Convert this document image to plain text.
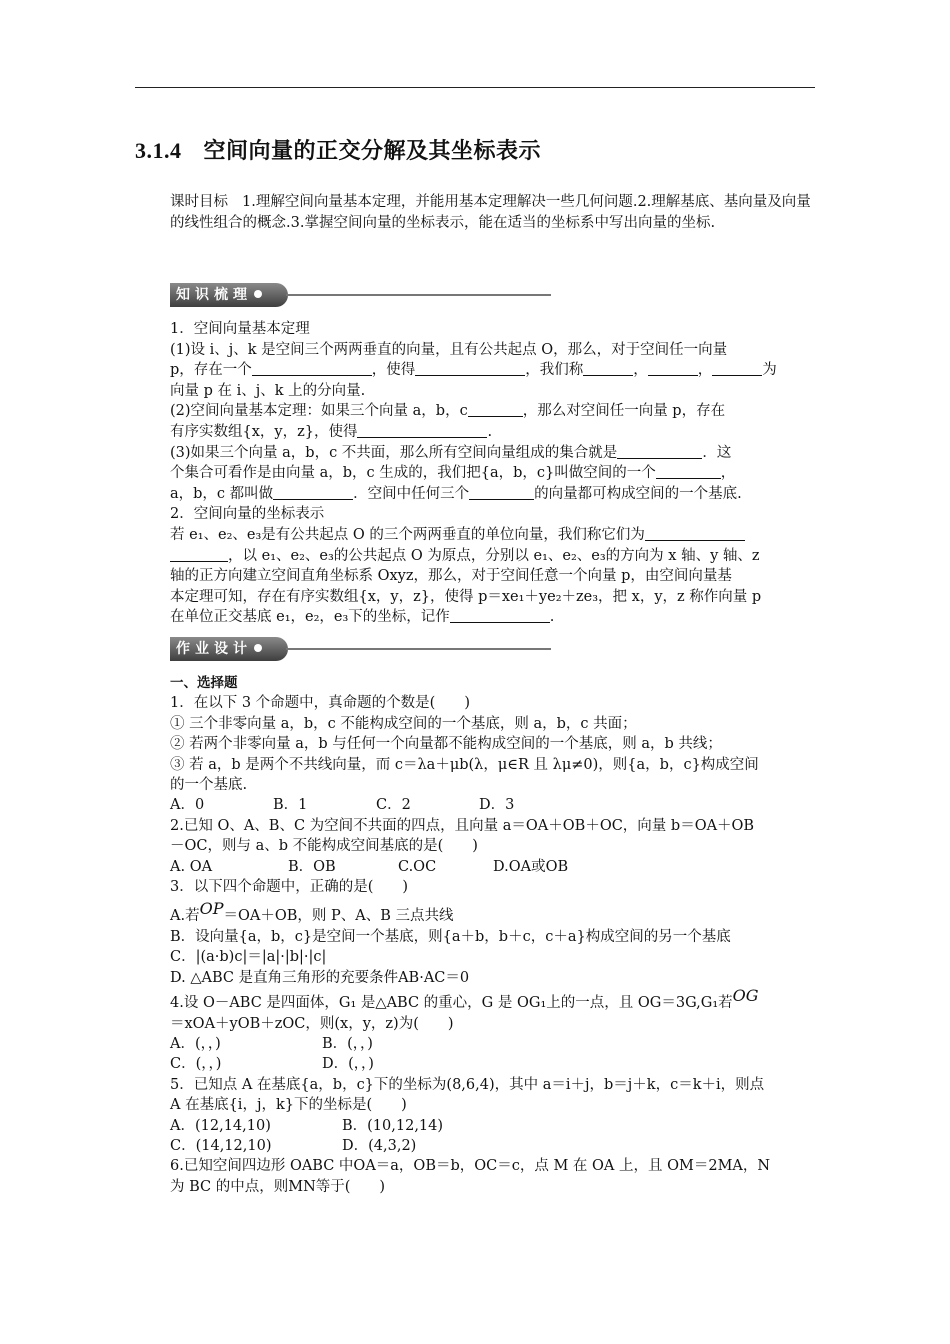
3.1.4 空间向量的正交分解及其坐标表示
课时目标 1.理解空间向量基本定理，并能用基本定理解决一些几何问题.2.理解基底、基向量及向量的线性组合的概念.3.掌握空间向量的坐标表示，能在适当的坐标系中写出向量的坐标.
知识梳理

1．空间向量基本定理

(1)设 i、j、k 是空间三个两两垂直的向量，且有公共起点 O，那么，对于空间任一向量

p，存在一个	，使得	，我们称	，	，	为

向量 p 在 i、j、k 上的分向量.

(2)空间向量基本定理：如果三个向量 a，b，c	，那么对空间任一向量 p，存在

有序实数组{x，y，z}，使得	.

(3)如果三个向量 a，b，c 不共面，那么所有空间向量组成的集合就是	．这

个集合可看作是由向量 a，b，c 生成的，我们把{a，b，c}叫做空间的一个	，

a，b，c 都叫做	．空间中任何三个	的向量都可构成空间的一个基底.

2．空间向量的坐标表示

若 e₁、e₂、e₃是有公共起点 O 的三个两两垂直的单位向量，我们称它们为

，以 e₁、e₂、e₃的公共起点 O 为原点，分别以 e₁、e₂、e₃的方向为 x 轴、y 轴、z

轴的正方向建立空间直角坐标系 Oxyz，那么，对于空间任意一个向量 p，由空间向量基

本定理可知，存在有序实数组{x，y，z}，使得 p＝xe₁＋ye₂＋ze₃，把 x，y，z 称作向量 p

在单位正交基底 e₁，e₂，e₃下的坐标，记作	.

作业设计

一、选择题

1．在以下 3 个命题中，真命题的个数是(　　)

① 三个非零向量 a，b，c 不能构成空间的一个基底，则 a，b，c 共面；

② 若两个非零向量 a，b 与任何一个向量都不能构成空间的一个基底，则 a，b 共线；

③ 若 a，b 是两个不共线向量，而 c＝λa＋μb(λ，μ∈R 且 λμ≠0)，则{a，b，c}构成空间

的一个基底.

A．0	B．1	C．2	D．3

2.已知 O、A、B、C 为空间不共面的四点，且向量 a＝OA＋OB＋OC，向量 b＝OA＋OB

－OC，则与 a、b 不能构成空间基底的是(　　)

A. OA	B．OB	C.OC	D.OA或OB

3．以下四个命题中，正确的是(　　)

A.若OP＝OA＋OB，则 P、A、B 三点共线

B．设向量{a，b，c}是空间一个基底，则{a＋b，b＋c，c＋a}构成空间的另一个基底

C．|(a·b)c|＝|a|·|b|·|c|

D. △ABC 是直角三角形的充要条件AB·AC＝0

4.设 O－ABC 是四面体，G₁ 是△ABC 的重心，G 是 OG₁上的一点，且 OG＝3G,G₁若OG

＝xOA＋yOB＋zOC，则(x，y，z)为(　　)

A．(，，)	B．(，，)

C．(，，)	D．(，，)

5．已知点 A 在基底{a，b，c}下的坐标为(8,6,4)，其中 a＝i＋j，b＝j＋k，c＝k＋i，则点

A 在基底{i，j，k}下的坐标是(　　)

A．(12,14,10)	B．(10,12,14)

C．(14,12,10)	D．(4,3,2)

6.已知空间四边形 OABC 中OA＝a，OB＝b，OC＝c，点 M 在 OA 上，且 OM＝2MA，N

为 BC 的中点，则MN等于(　　)
